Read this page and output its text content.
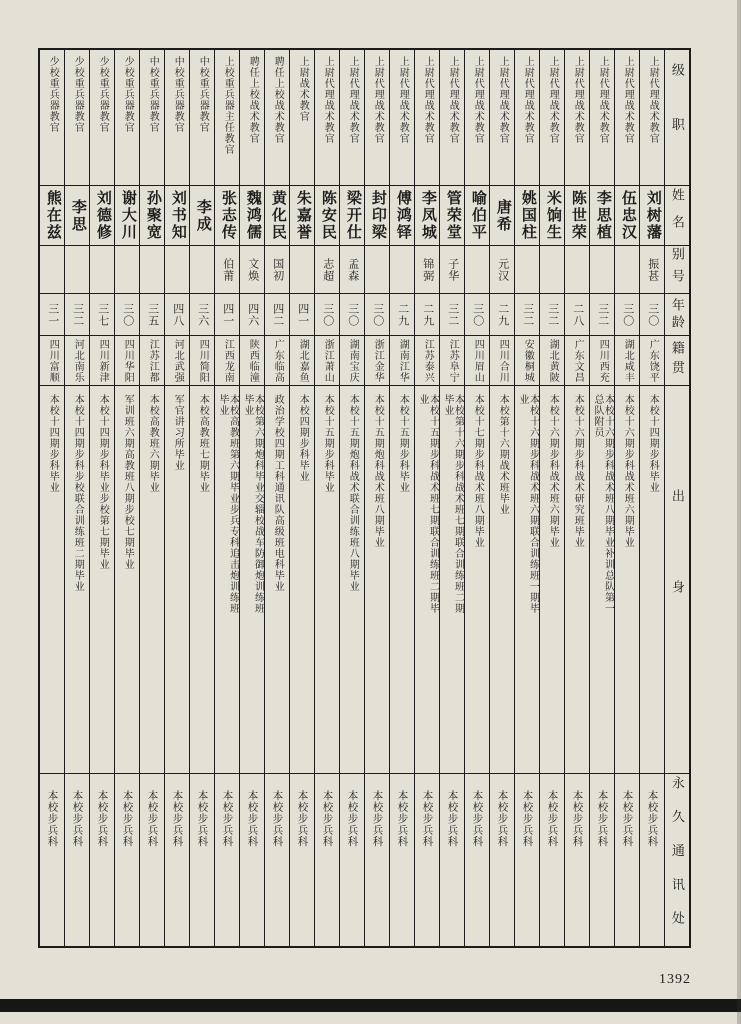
级职
姓名
别号
年龄
籍贯
出身
永久通讯处
上尉代理战术教官
刘树藩
振甚
三〇
广东饶平
本校十四期步科毕业
本校步兵科
上尉代理战术教官
伍忠汉
三〇
湖北咸丰
本校十六期步科战术班六期毕业
本校步兵科
上尉代理战术教官
李思植
三二
四川西充
本校十六期步科战术班八期毕业补训总队第一总队附员
本校步兵科
上尉代理战术教官
陈世荣
二八
广东文昌
本校十六期步科战术研究班毕业
本校步兵科
上尉代理战术教官
米饷生
三二
湖北黄陂
本校十六期步科战术班六期毕业
本校步兵科
上尉代理战术教官
姚国柱
三二
安徽桐城
本校十六期步科战术班六期联合训练班一期毕业
本校步兵科
上尉代理战术教官
唐希
元汉
二九
四川合川
本校第十六期战术班毕业
本校步兵科
上尉代理战术教官
喻伯平
三〇
四川眉山
本校十七期步科战术班八期毕业
本校步兵科
上尉代理战术教官
管荣堂
子华
三二
江苏阜宁
本校第十六期步科战术班七期联合训练班二期毕业
本校步兵科
上尉代理战术教官
李凤城
锦弼
二九
江苏泰兴
本校十五期步科战术班七期联合训练班二期毕业
本校步兵科
上尉代理战术教官
傅鸿铎
二九
湖南江华
本校十五期步科毕业
本校步兵科
上尉代理战术教官
封印梁
三〇
浙江金华
本校十五期炮科战术班八期毕业
本校步兵科
上尉代理战术教官
梁开仕
孟森
三〇
湖南宝庆
本校十五期炮科战术联合训练班八期毕业
本校步兵科
上尉代理战术教官
陈安民
志超
三〇
浙江萧山
本校十五期步科毕业
本校步兵科
上尉战术教官
朱嘉誉
四一
湖北嘉鱼
本校四期步科毕业
本校步兵科
聘任上校战术教官
黄化民
国初
四二
广东临高
政治学校四期工科通讯队高级班电科毕业
本校步兵科
聘任上校战术教官
魏鸿儒
文焕
四六
陕西临潼
本校第六期炮科毕业交辎校战车防御炮训练班毕业
本校步兵科
上校重兵器主任教官
张志传
伯莆
四一
江西龙南
本校高教班第六期毕业步兵专科追击炮训练班毕业
本校步兵科
中校重兵器教官
李成
三六
四川简阳
本校高教班七期毕业
本校步兵科
中校重兵器教官
刘书知
四八
河北武强
军官讲习所毕业
本校步兵科
中校重兵器教官
孙聚宽
三五
江苏江都
本校高教班六期毕业
本校步兵科
少校重兵器教官
谢大川
三〇
四川华阳
军训班六期高教班八期步校七期毕业
本校步兵科
少校重兵器教官
刘德修
三七
四川新津
本校十四期步科毕业步校第七期毕业
本校步兵科
少校重兵器教官
李思
三二
河北南乐
本校十四期步科步校联合训练班二期毕业
本校步兵科
少校重兵器教官
熊在兹
三一
四川富顺
本校十四期步科毕业
本校步兵科
1392
